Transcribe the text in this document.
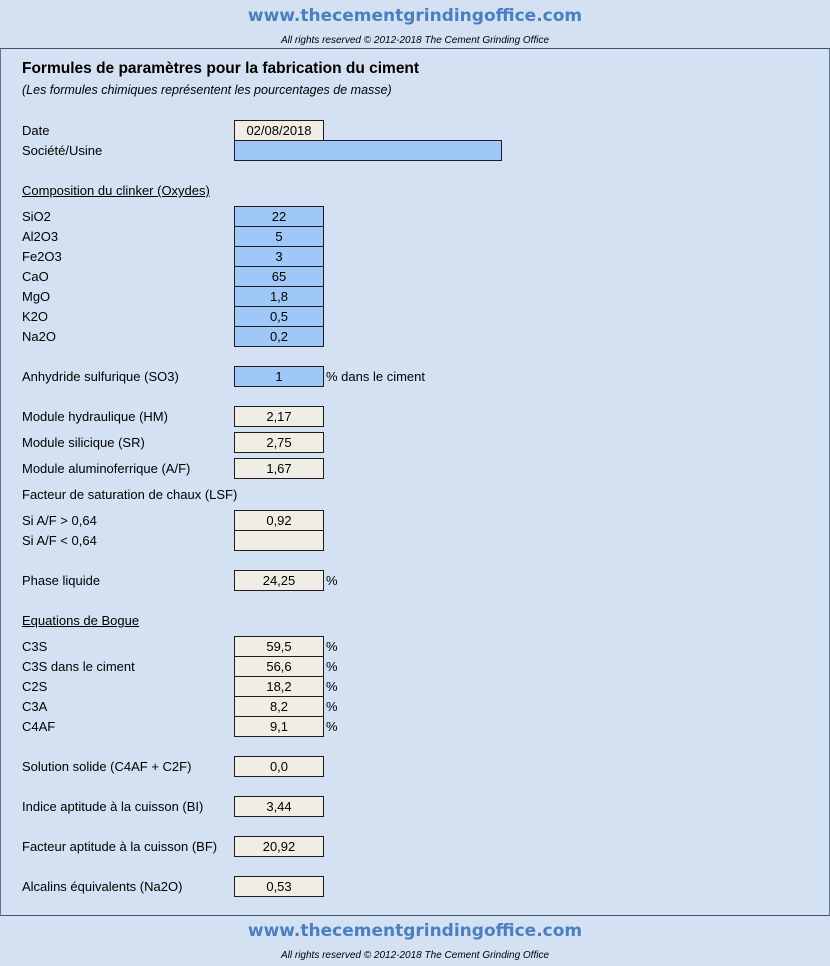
www.thecementgrindingoffice.com
All rights reserved © 2012-2018 The Cement Grinding Office
Formules de paramètres pour la fabrication du ciment
(Les formules chimiques représentent les pourcentages de masse)
Date	02/08/2018
Société/Usine
Composition du clinker (Oxydes)
SiO2	22
Al2O3	5
Fe2O3	3
CaO	65
MgO	1,8
K2O	0,5
Na2O	0,2
Anhydride sulfurique (SO3)	1	% dans le ciment
Module hydraulique (HM)	2,17
Module silicique (SR)	2,75
Module aluminoferrique (A/F)	1,67
Facteur de saturation de chaux (LSF)
Si A/F > 0,64	0,92
Si A/F < 0,64
Phase liquide	24,25	%
Equations de Bogue
C3S	59,5	%
C3S dans le ciment	56,6	%
C2S	18,2	%
C3A	8,2	%
C4AF	9,1	%
Solution solide (C4AF + C2F)	0,0
Indice aptitude à la cuisson (BI)	3,44
Facteur aptitude à la cuisson (BF)	20,92
Alcalins équivalents (Na2O)	0,53
www.thecementgrindingoffice.com
All rights reserved © 2012-2018 The Cement Grinding Office
